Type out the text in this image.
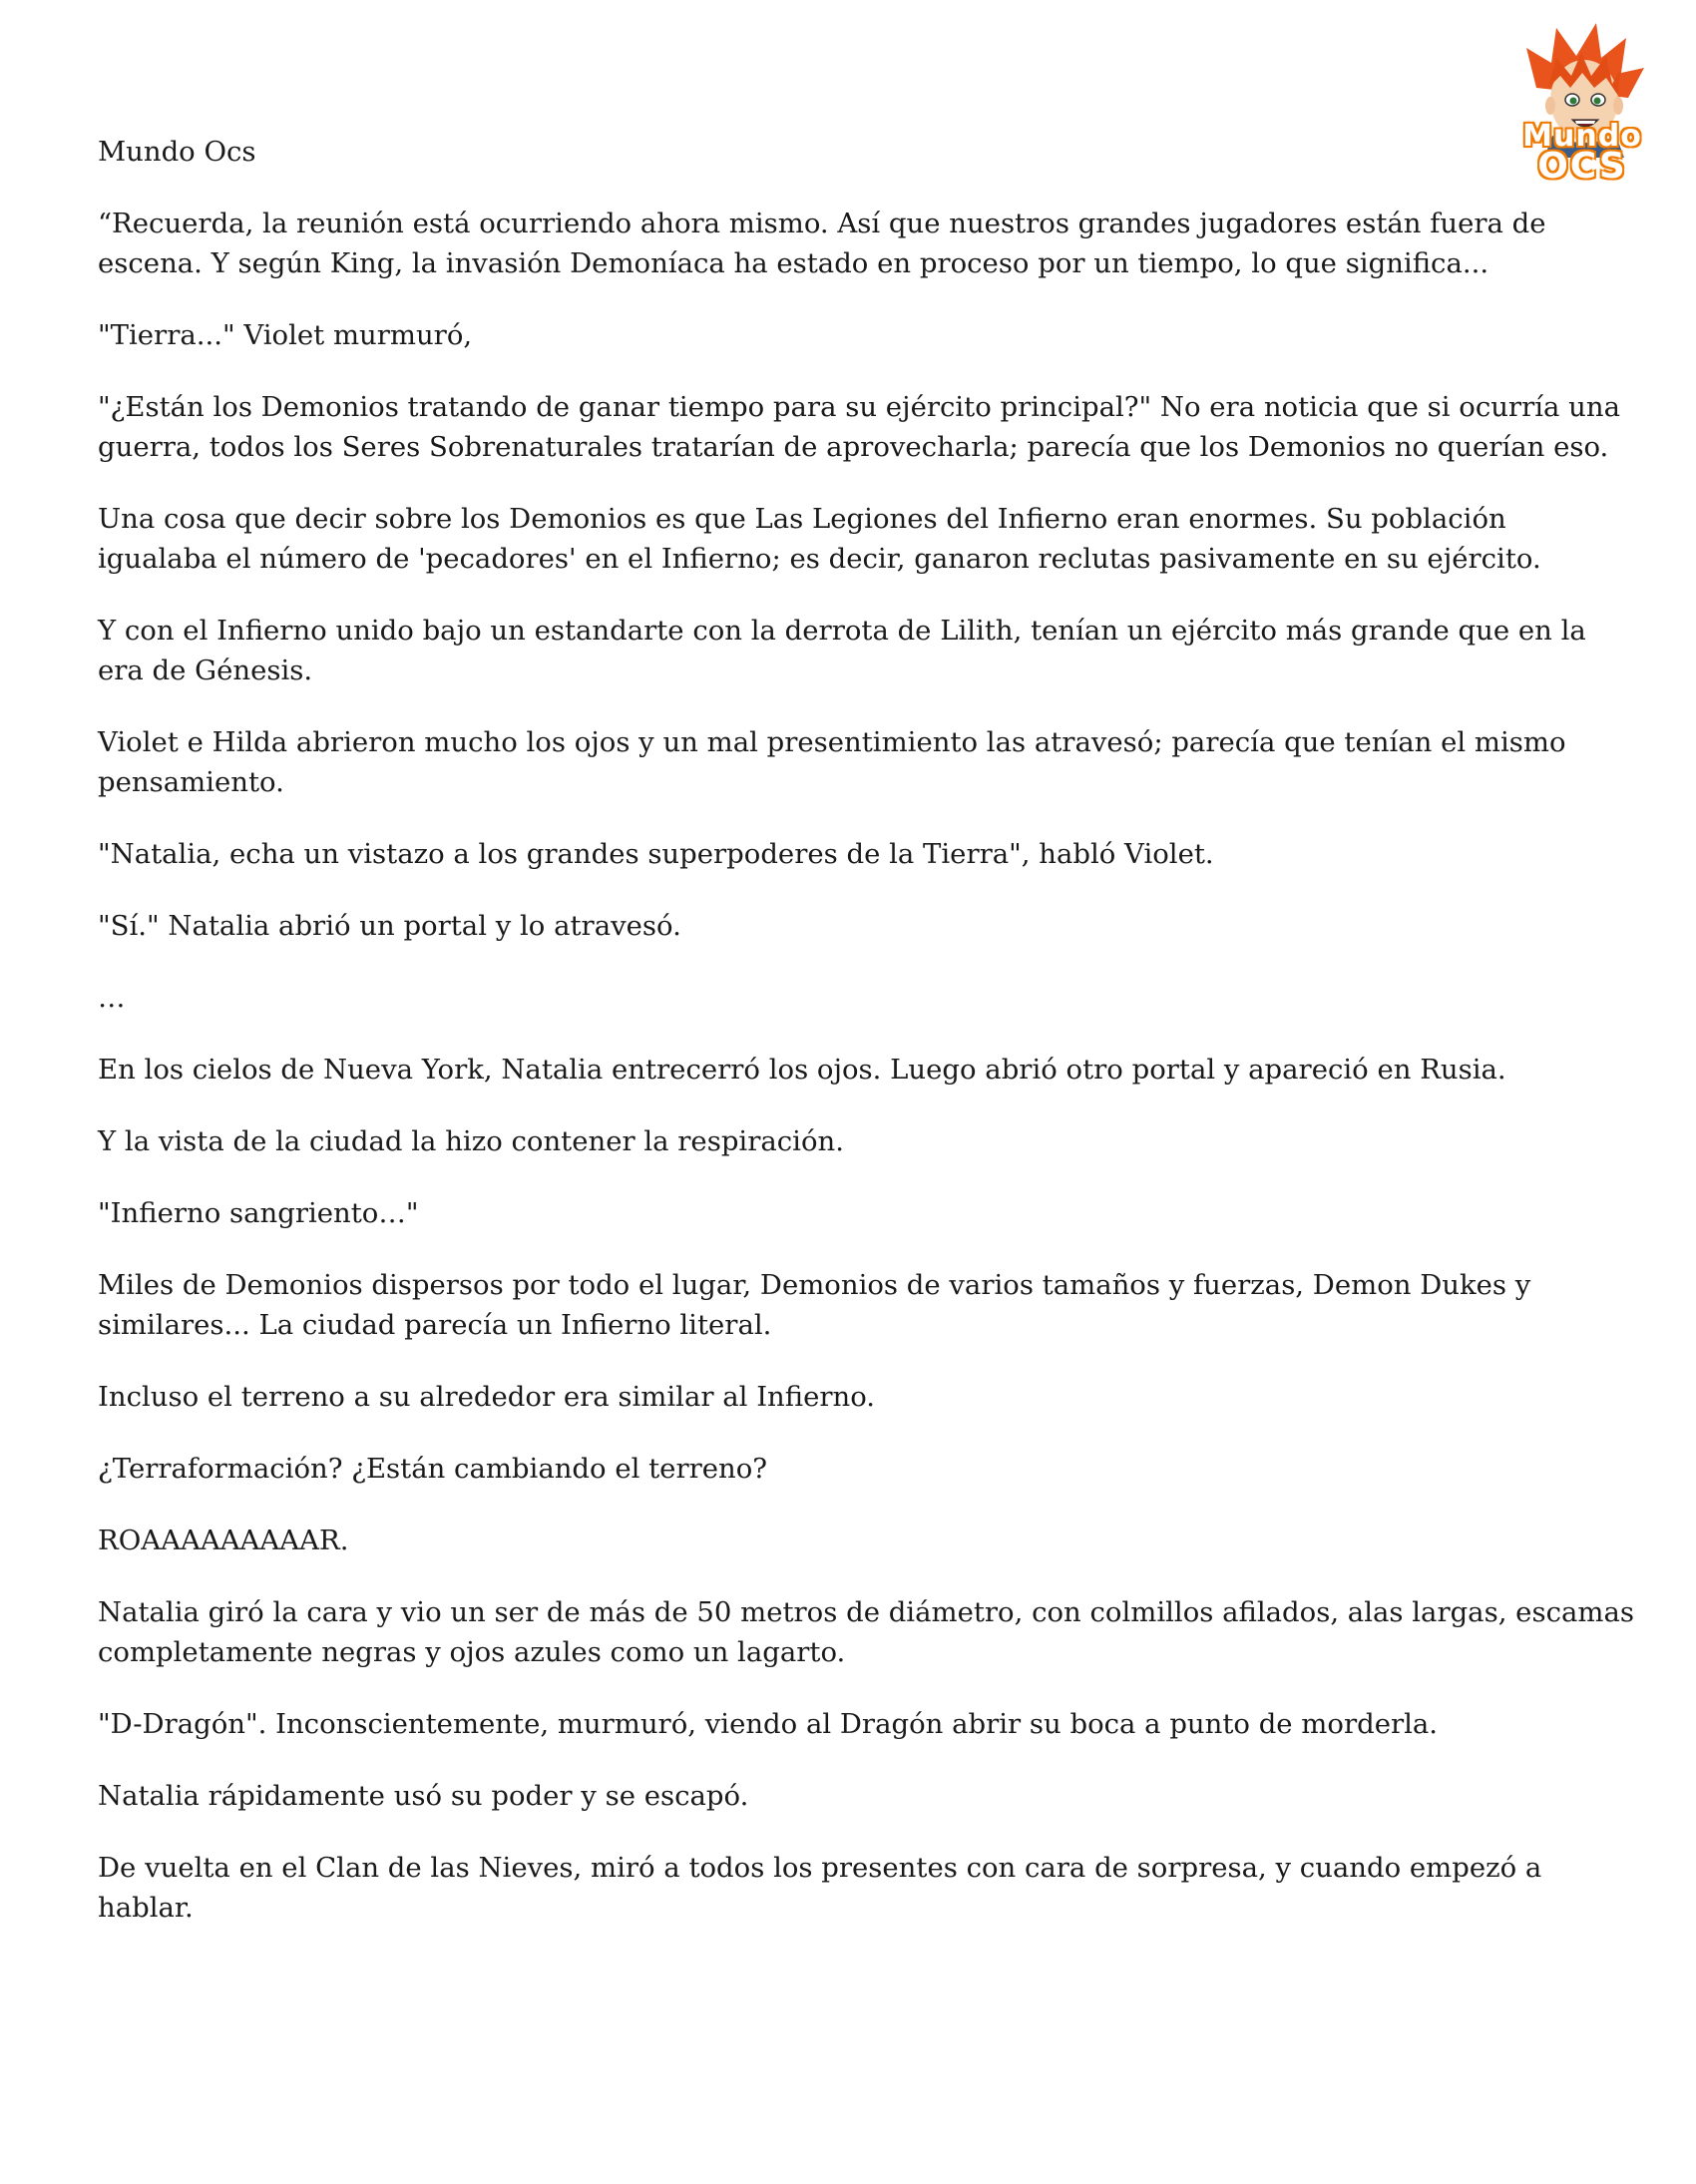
Mundo
OCS

Mundo Ocs

“Recuerda, la reunión está ocurriendo ahora mismo. Así que nuestros grandes jugadores están fuera de escena. Y según King, la invasión Demoníaca ha estado en proceso por un tiempo, lo que significa...

"Tierra..." Violet murmuró,

"¿Están los Demonios tratando de ganar tiempo para su ejército principal?" No era noticia que si ocurría una guerra, todos los Seres Sobrenaturales tratarían de aprovecharla; parecía que los Demonios no querían eso.

Una cosa que decir sobre los Demonios es que Las Legiones del Infierno eran enormes. Su población igualaba el número de 'pecadores' en el Infierno; es decir, ganaron reclutas pasivamente en su ejército.

Y con el Infierno unido bajo un estandarte con la derrota de Lilith, tenían un ejército más grande que en la era de Génesis.

Violet e Hilda abrieron mucho los ojos y un mal presentimiento las atravesó; parecía que tenían el mismo pensamiento.

"Natalia, echa un vistazo a los grandes superpoderes de la Tierra", habló Violet.

"Sí." Natalia abrió un portal y lo atravesó.

…

En los cielos de Nueva York, Natalia entrecerró los ojos. Luego abrió otro portal y apareció en Rusia.

Y la vista de la ciudad la hizo contener la respiración.

"Infierno sangriento…"

Miles de Demonios dispersos por todo el lugar, Demonios de varios tamaños y fuerzas, Demon Dukes y similares... La ciudad parecía un Infierno literal.

Incluso el terreno a su alrededor era similar al Infierno.

¿Terraformación? ¿Están cambiando el terreno?

ROAAAAAAAAAR.

Natalia giró la cara y vio un ser de más de 50 metros de diámetro, con colmillos afilados, alas largas, escamas completamente negras y ojos azules como un lagarto.

"D-Dragón". Inconscientemente, murmuró, viendo al Dragón abrir su boca a punto de morderla.

Natalia rápidamente usó su poder y se escapó.

De vuelta en el Clan de las Nieves, miró a todos los presentes con cara de sorpresa, y cuando empezó a hablar.
